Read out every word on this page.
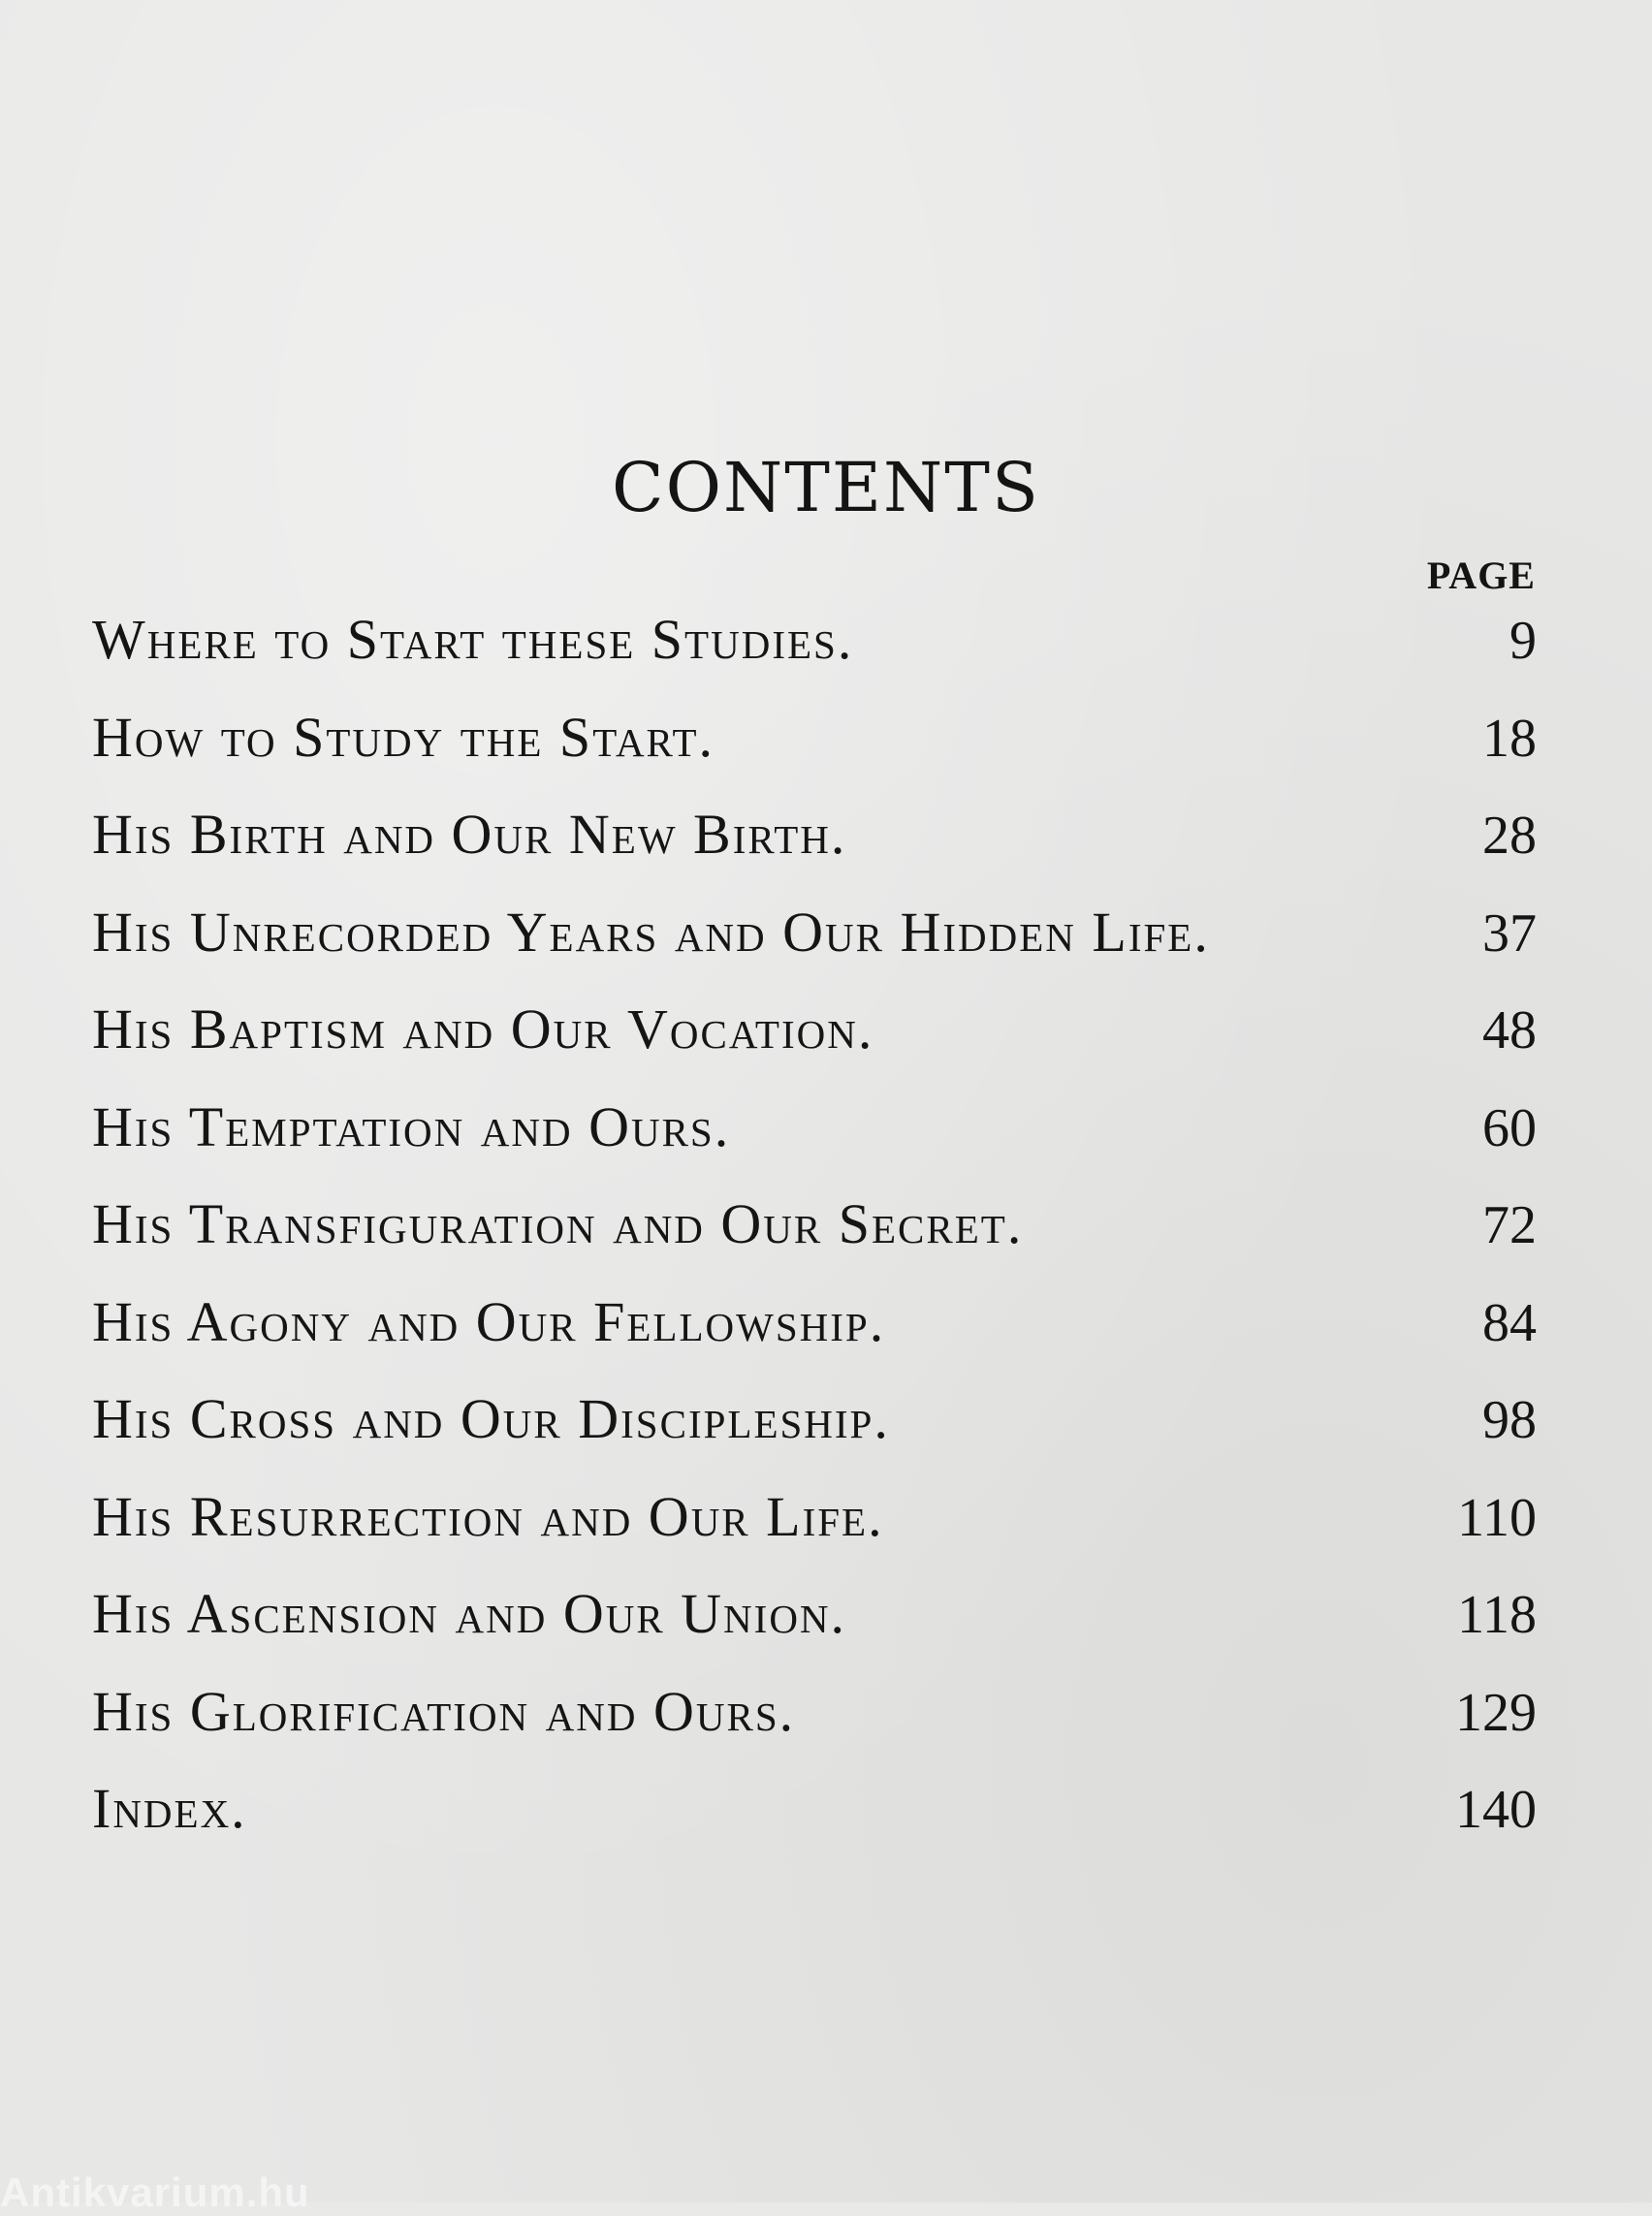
CONTENTS
PAGE
Where to Start these Studies.	9
How to Study the Start.	18
His Birth and Our New Birth.	28
His Unrecorded Years and Our Hidden Life.	37
His Baptism and Our Vocation.	48
His Temptation and Ours.	60
His Transfiguration and Our Secret.	72
His Agony and Our Fellowship.	84
His Cross and Our Discipleship.	98
His Resurrection and Our Life.	110
His Ascension and Our Union.	118
His Glorification and Ours.	129
Index.	140
Antikvarium.hu
